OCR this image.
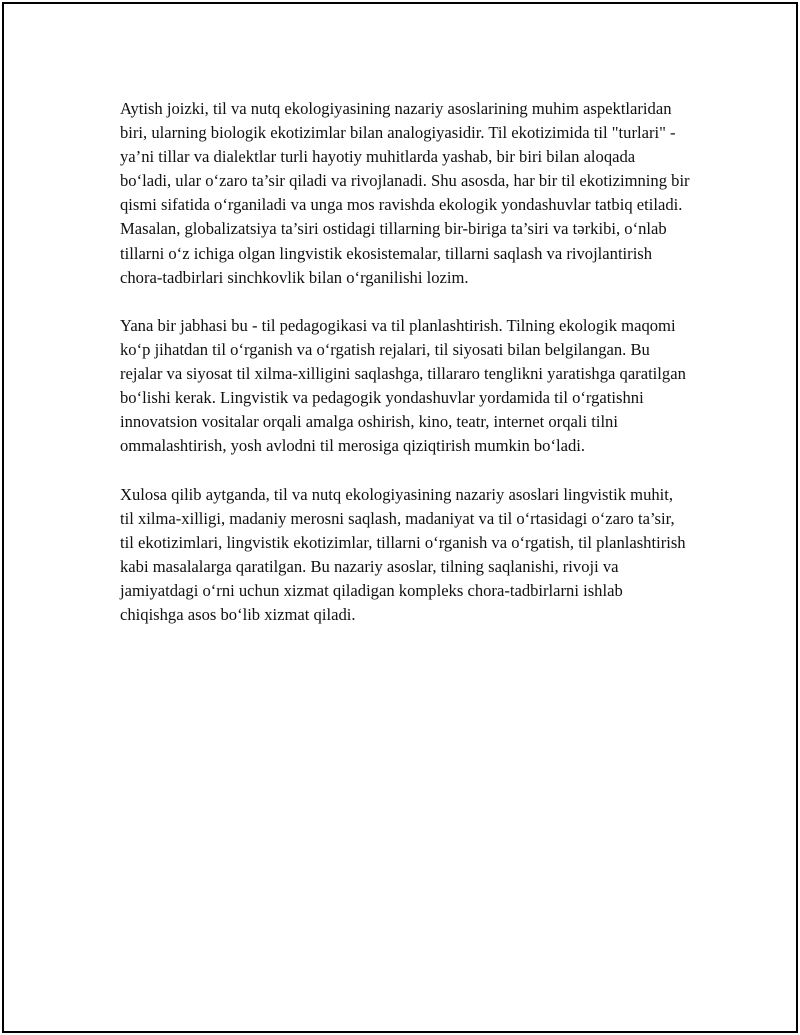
Aytish joizki, til va nutq ekologiyasining nazariy asoslarining muhim aspektlaridan biri, ularning biologik ekotizimlar bilan analogiyasidir. Til ekotizimida til "turlari" - ya’ni tillar va dialektlar turli hayotiy muhitlarda yashab, bir biri bilan aloqada bo‘ladi, ular o‘zaro ta’sir qiladi va rivojlanadi. Shu asosda, har bir til ekotizimning bir qismi sifatida o‘rganiladi va unga mos ravishda ekologik yondashuvlar tatbiq etiladi. Masalan, globalizatsiya ta’siri ostidagi tillarning bir-biriga ta’siri va tərkibi, o‘nlab tillarni o‘z ichiga olgan lingvistik ekosistemalar, tillarni saqlash va rivojlantirish chora-tadbirlari sinchkovlik bilan o‘rganilishi lozim.

Yana bir jabhasi bu - til pedagogikasi va til planlashtirish. Tilning ekologik maqomi ko‘p jihatdan til o‘rganish va o‘rgatish rejalari, til siyosati bilan belgilangan. Bu rejalar va siyosat til xilma-xilligini saqlashga, tillararo tenglikni yaratishga qaratilgan bo‘lishi kerak. Lingvistik va pedagogik yondashuvlar yordamida til o‘rgatishni innovatsion vositalar orqali amalga oshirish, kino, teatr, internet orqali tilni ommalashtirish, yosh avlodni til merosiga qiziqtirish mumkin bo‘ladi.

Xulosa qilib aytganda, til va nutq ekologiyasining nazariy asoslari lingvistik muhit, til xilma-xilligi, madaniy merosni saqlash, madaniyat va til o‘rtasidagi o‘zaro ta’sir, til ekotizimlari, lingvistik ekotizimlar, tillarni o‘rganish va o‘rgatish, til planlashtirish kabi masalalarga qaratilgan. Bu nazariy asoslar, tilning saqlanishi, rivoji va jamiyatdagi o‘rni uchun xizmat qiladigan kompleks chora-tadbirlarni ishlab chiqishga asos bo‘lib xizmat qiladi.
